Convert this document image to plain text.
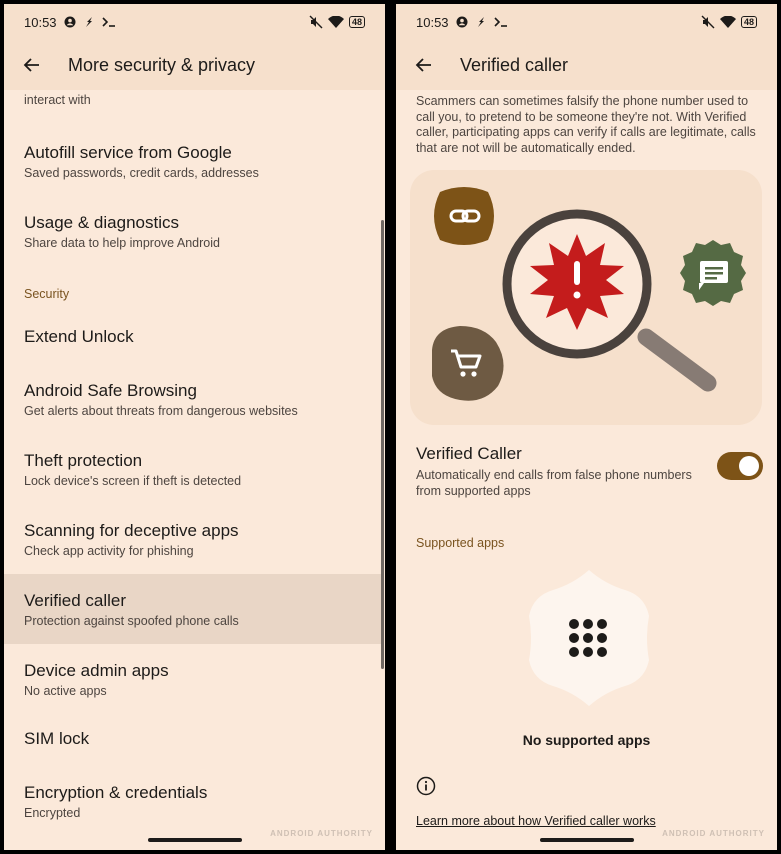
10:53	48
More security & privacy
interact with
Autofill service from Google
Saved passwords, credit cards, addresses
Usage & diagnostics
Share data to help improve Android
Security
Extend Unlock
Android Safe Browsing
Get alerts about threats from dangerous websites
Theft protection
Lock device's screen if theft is detected
Scanning for deceptive apps
Check app activity for phishing
Verified caller
Protection against spoofed phone calls
Device admin apps
No active apps
SIM lock
Encryption & credentials
Encrypted
ANDROID AUTHORITY
10:53	48
Verified caller
Scammers can sometimes falsify the phone number used to call you, to pretend to be someone they're not. With Verified caller, participating apps can verify if calls are legitimate, calls that are not will be automatically ended.
Verified Caller
Automatically end calls from false phone numbers from supported apps
Supported apps
No supported apps
Learn more about how Verified caller works
ANDROID AUTHORITY
